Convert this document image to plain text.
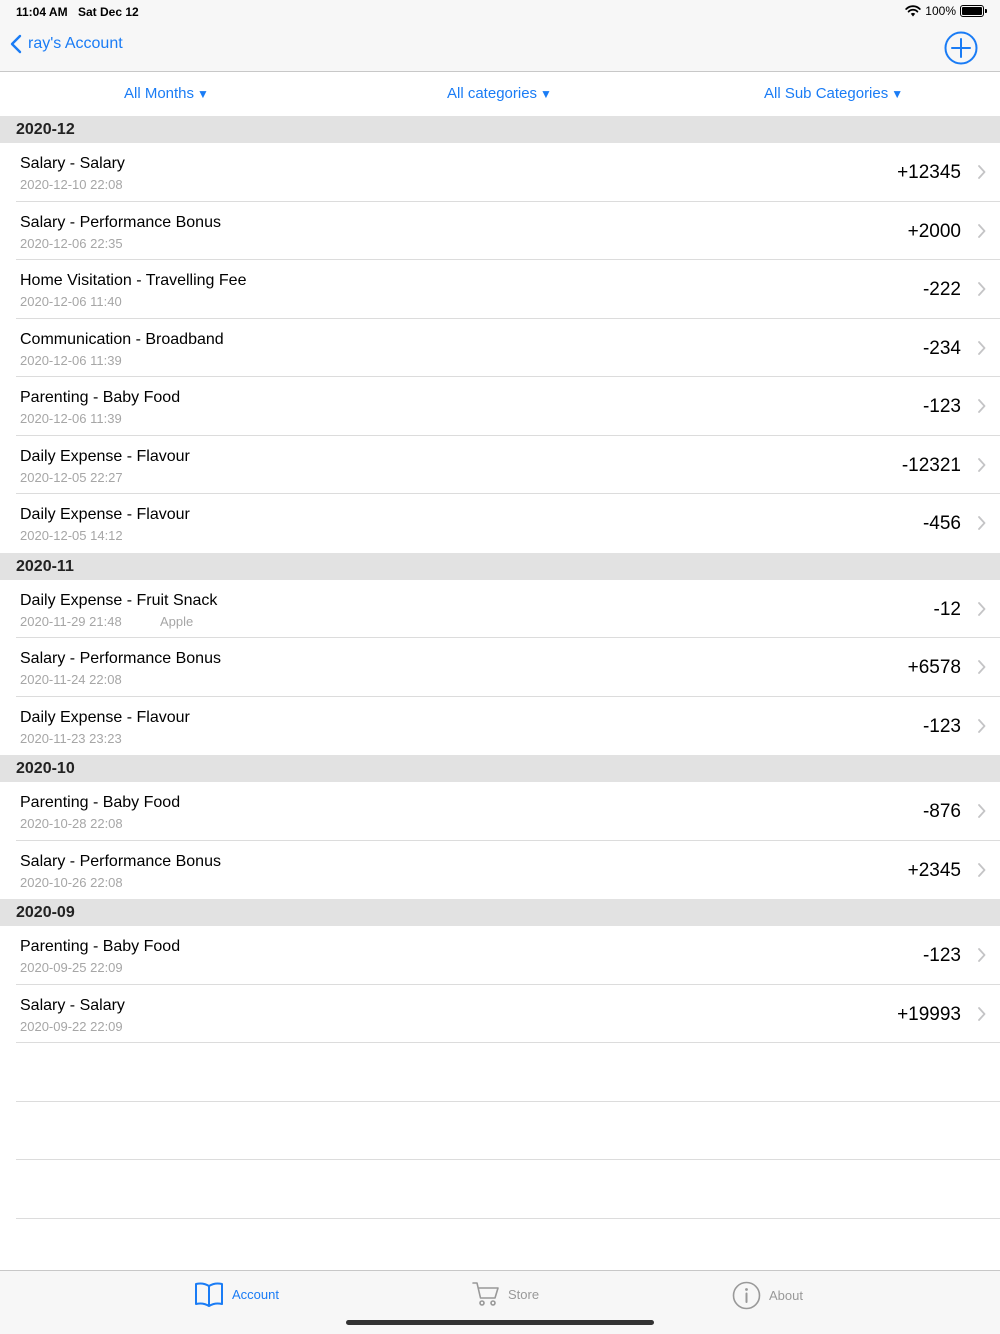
11:04 AM Sat Dec 12	100%
ray's Account
All Months ▼	All categories ▼	All Sub Categories ▼
2020-12
Salary - Salary
2020-12-10 22:08
+12345
Salary - Performance Bonus
2020-12-06 22:35
+2000
Home Visitation - Travelling Fee
2020-12-06 11:40
-222
Communication - Broadband
2020-12-06 11:39
-234
Parenting - Baby Food
2020-12-06 11:39
-123
Daily Expense - Flavour
2020-12-05 22:27
-12321
Daily Expense - Flavour
2020-12-05 14:12
-456
2020-11
Daily Expense - Fruit Snack
2020-11-29 21:48	Apple
-12
Salary - Performance Bonus
2020-11-24 22:08
+6578
Daily Expense - Flavour
2020-11-23 23:23
-123
2020-10
Parenting - Baby Food
2020-10-28 22:08
-876
Salary - Performance Bonus
2020-10-26 22:08
+2345
2020-09
Parenting - Baby Food
2020-09-25 22:09
-123
Salary - Salary
2020-09-22 22:09
+19993
Account	Store	About
